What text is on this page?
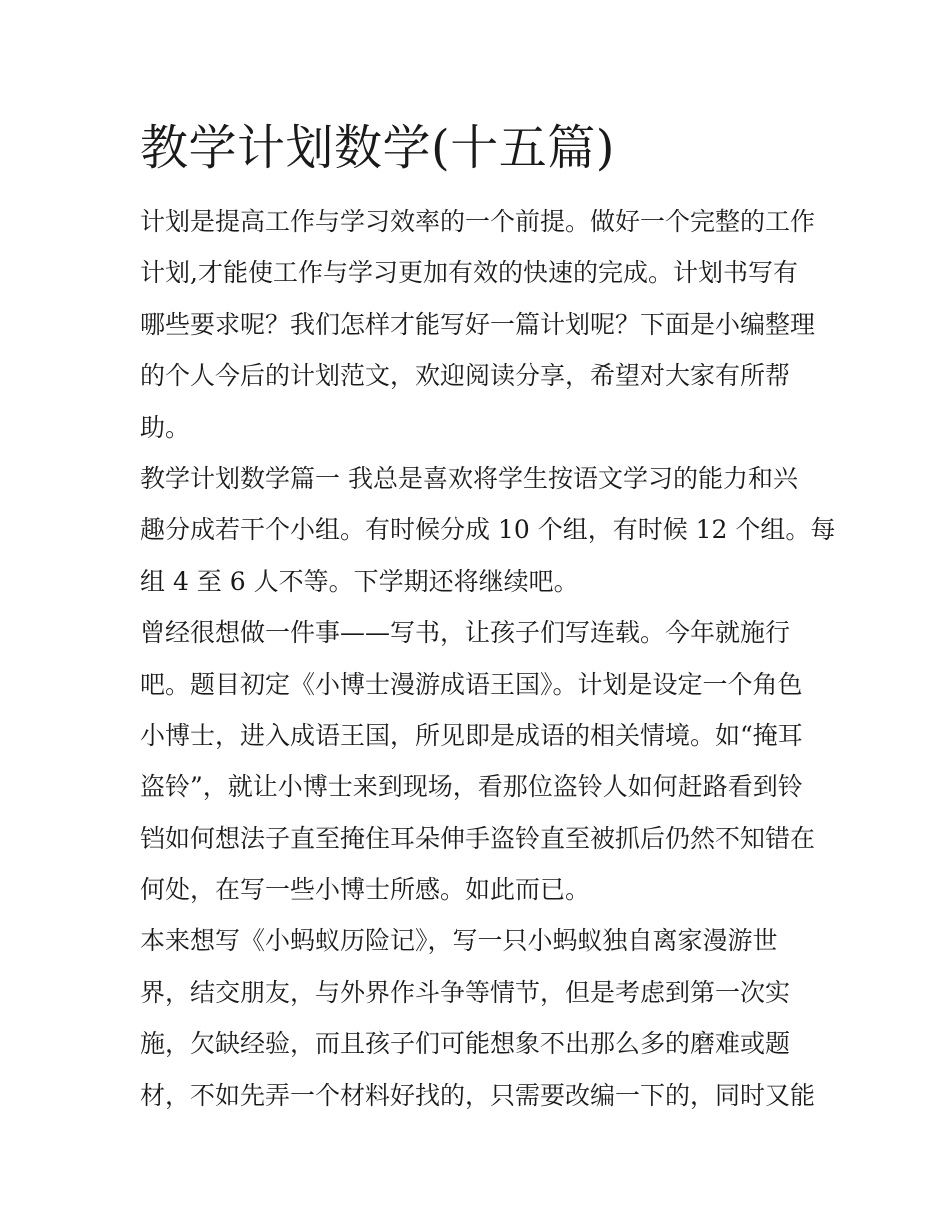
教学计划数学(十五篇)
计划是提高工作与学习效率的一个前提。做好一个完整的工作
计划,才能使工作与学习更加有效的快速的完成。计划书写有
哪些要求呢？我们怎样才能写好一篇计划呢？下面是小编整理
的个人今后的计划范文，欢迎阅读分享，希望对大家有所帮
助。
教学计划数学篇一 我总是喜欢将学生按语文学习的能力和兴
趣分成若干个小组。有时候分成 10 个组，有时候 12 个组。每
组 4 至 6 人不等。下学期还将继续吧。
曾经很想做一件事——写书，让孩子们写连载。今年就施行
吧。题目初定《小博士漫游成语王国》。计划是设定一个角色
小博士，进入成语王国，所见即是成语的相关情境。如“掩耳
盗铃”，就让小博士来到现场，看那位盗铃人如何赶路看到铃
铛如何想法子直至掩住耳朵伸手盗铃直至被抓后仍然不知错在
何处，在写一些小博士所感。如此而已。
本来想写《小蚂蚁历险记》，写一只小蚂蚁独自离家漫游世
界，结交朋友，与外界作斗争等情节，但是考虑到第一次实
施，欠缺经验，而且孩子们可能想象不出那么多的磨难或题
材，不如先弄一个材料好找的，只需要改编一下的，同时又能
